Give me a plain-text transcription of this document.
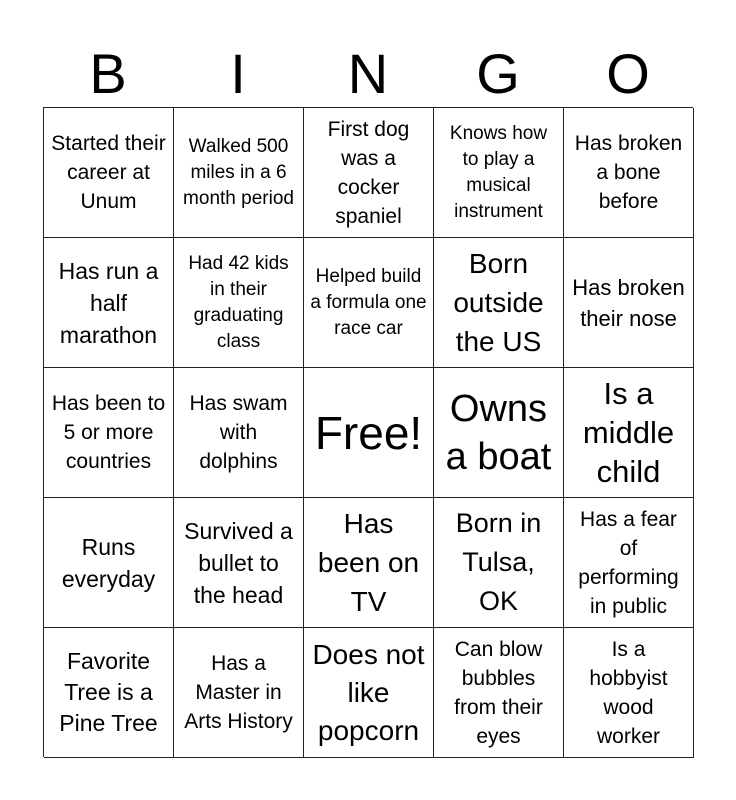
B	I	N	G	O
Started their career at Unum
Walked 500 miles in a 6 month period
First dog was a cocker spaniel
Knows how to play a musical instrument
Has broken a bone before
Has run a half marathon
Had 42 kids in their graduating class
Helped build a formula one race car
Born outside the US
Has broken their nose
Has been to 5 or more countries
Has swam with dolphins
Free! Owns a boat
Is a middle child
Runs everyday
Survived a bullet to the head
Has been on TV
Born in Tulsa, OK
Has a fear of performing in public
Favorite Tree is a Pine Tree
Has a Master in Arts History
Does not like popcorn
Can blow bubbles from their eyes
Is a hobbyist wood worker
